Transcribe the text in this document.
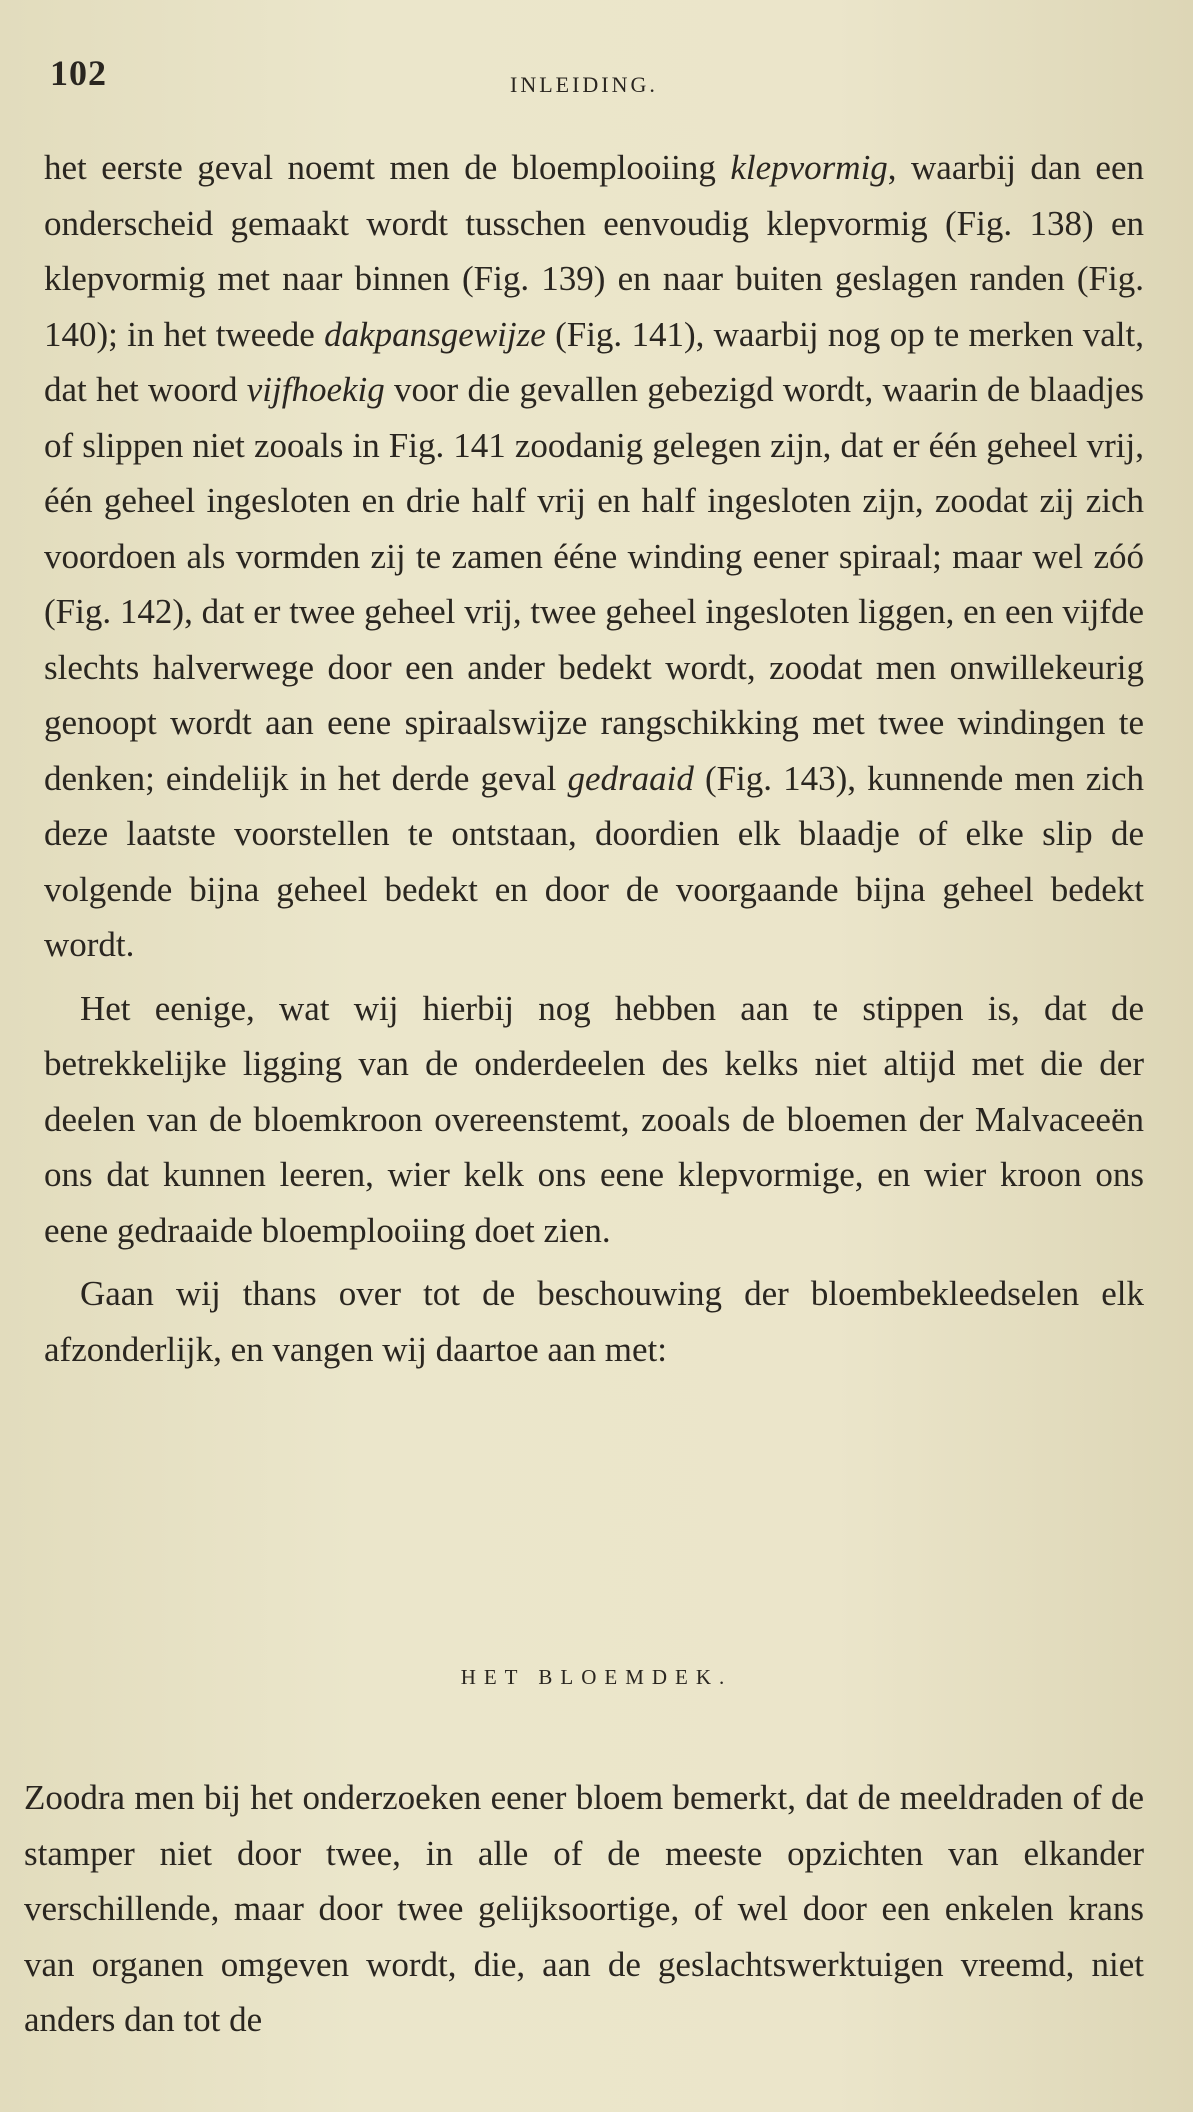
102	INLEIDING.

het eerste geval noemt men de bloemplooiing klepvormig, waarbij dan een onderscheid gemaakt wordt tusschen eenvoudig klepvormig (Fig. 138) en klepvormig met naar binnen (Fig. 139) en naar buiten geslagen randen (Fig. 140); in het tweede dakpansgewijze (Fig. 141), waarbij nog op te merken valt, dat het woord vijfhoekig voor die gevallen gebezigd wordt, waarin de blaadjes of slippen niet zooals in Fig. 141 zoodanig gelegen zijn, dat er één geheel vrij, één geheel ingesloten en drie half vrij en half ingesloten zijn, zoodat zij zich voordoen als vormden zij te zamen ééne winding eener spiraal; maar wel zóó (Fig. 142), dat er twee geheel vrij, twee geheel ingesloten liggen, en een vijfde slechts halverwege door een ander bedekt wordt, zoodat men onwillekeurig genoopt wordt aan eene spiraalswijze rangschikking met twee windingen te denken; eindelijk in het derde geval gedraaid (Fig. 143), kunnende men zich deze laatste voorstellen te ontstaan, doordien elk blaadje of elke slip de volgende bijna geheel bedekt en door de voorgaande bijna geheel bedekt wordt.

Het eenige, wat wij hierbij nog hebben aan te stippen is, dat de betrekkelijke ligging van de onderdeelen des kelks niet altijd met die der deelen van de bloemkroon overeenstemt, zooals de bloemen der Malvaceeën ons dat kunnen leeren, wier kelk ons eene klepvormige, en wier kroon ons eene gedraaide bloemplooiing doet zien.

Gaan wij thans over tot de beschouwing der bloembekleedselen elk afzonderlijk, en vangen wij daartoe aan met:

HET BLOEMDEK.

Zoodra men bij het onderzoeken eener bloem bemerkt, dat de meeldraden of de stamper niet door twee, in alle of de meeste opzichten van elkander verschillende, maar door twee gelijksoortige, of wel door een enkelen krans van organen omgeven wordt, die, aan de geslachtswerktuigen vreemd, niet anders dan tot de
